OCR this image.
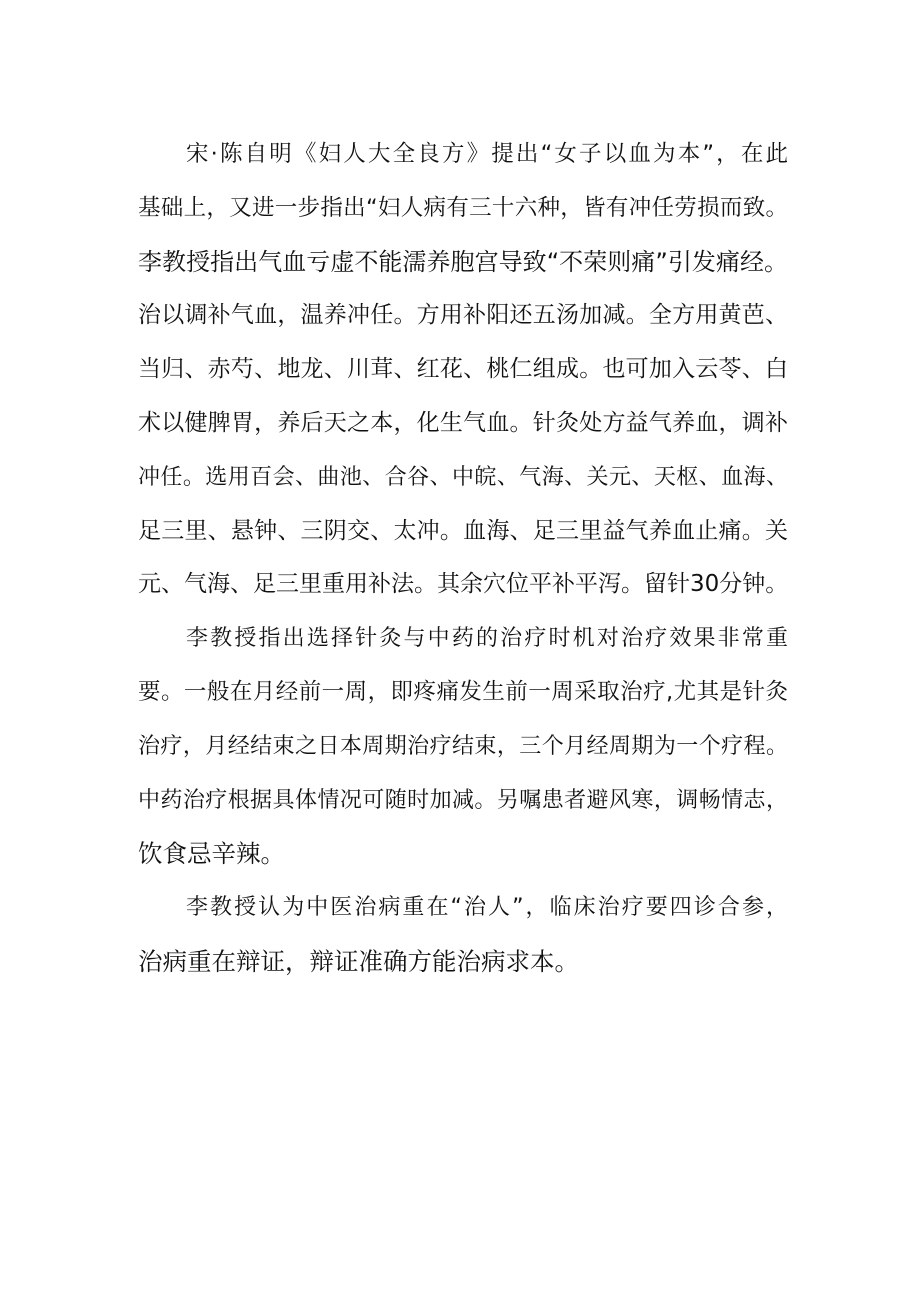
宋·陈自明《妇人大全良方》提出“女子以血为本”，在此
基础上，又进一步指出“妇人病有三十六种，皆有冲任劳损而致。
李教授指出气血亏虚不能濡养胞宫导致“不荣则痛”引发痛经。
治以调补气血，温养冲任。方用补阳还五汤加减。全方用黄芭、
当归、赤芍、地龙、川茸、红花、桃仁组成。也可加入云苓、白
术以健脾胃，养后天之本，化生气血。针灸处方益气养血，调补
冲任。选用百会、曲池、合谷、中皖、气海、关元、天枢、血海、
足三里、悬钟、三阴交、太冲。血海、足三里益气养血止痛。关
元、气海、足三里重用补法。其余穴位平补平泻。留针30分钟。
李教授指出选择针灸与中药的治疗时机对治疗效果非常重
要。一般在月经前一周，即疼痛发生前一周采取治疗,尤其是针灸
治疗，月经结束之日本周期治疗结束，三个月经周期为一个疗程。
中药治疗根据具体情况可随时加减。另嘱患者避风寒，调畅情志，
饮食忌辛辣。
李教授认为中医治病重在“治人”，临床治疗要四诊合参，
治病重在辩证，辩证准确方能治病求本。
